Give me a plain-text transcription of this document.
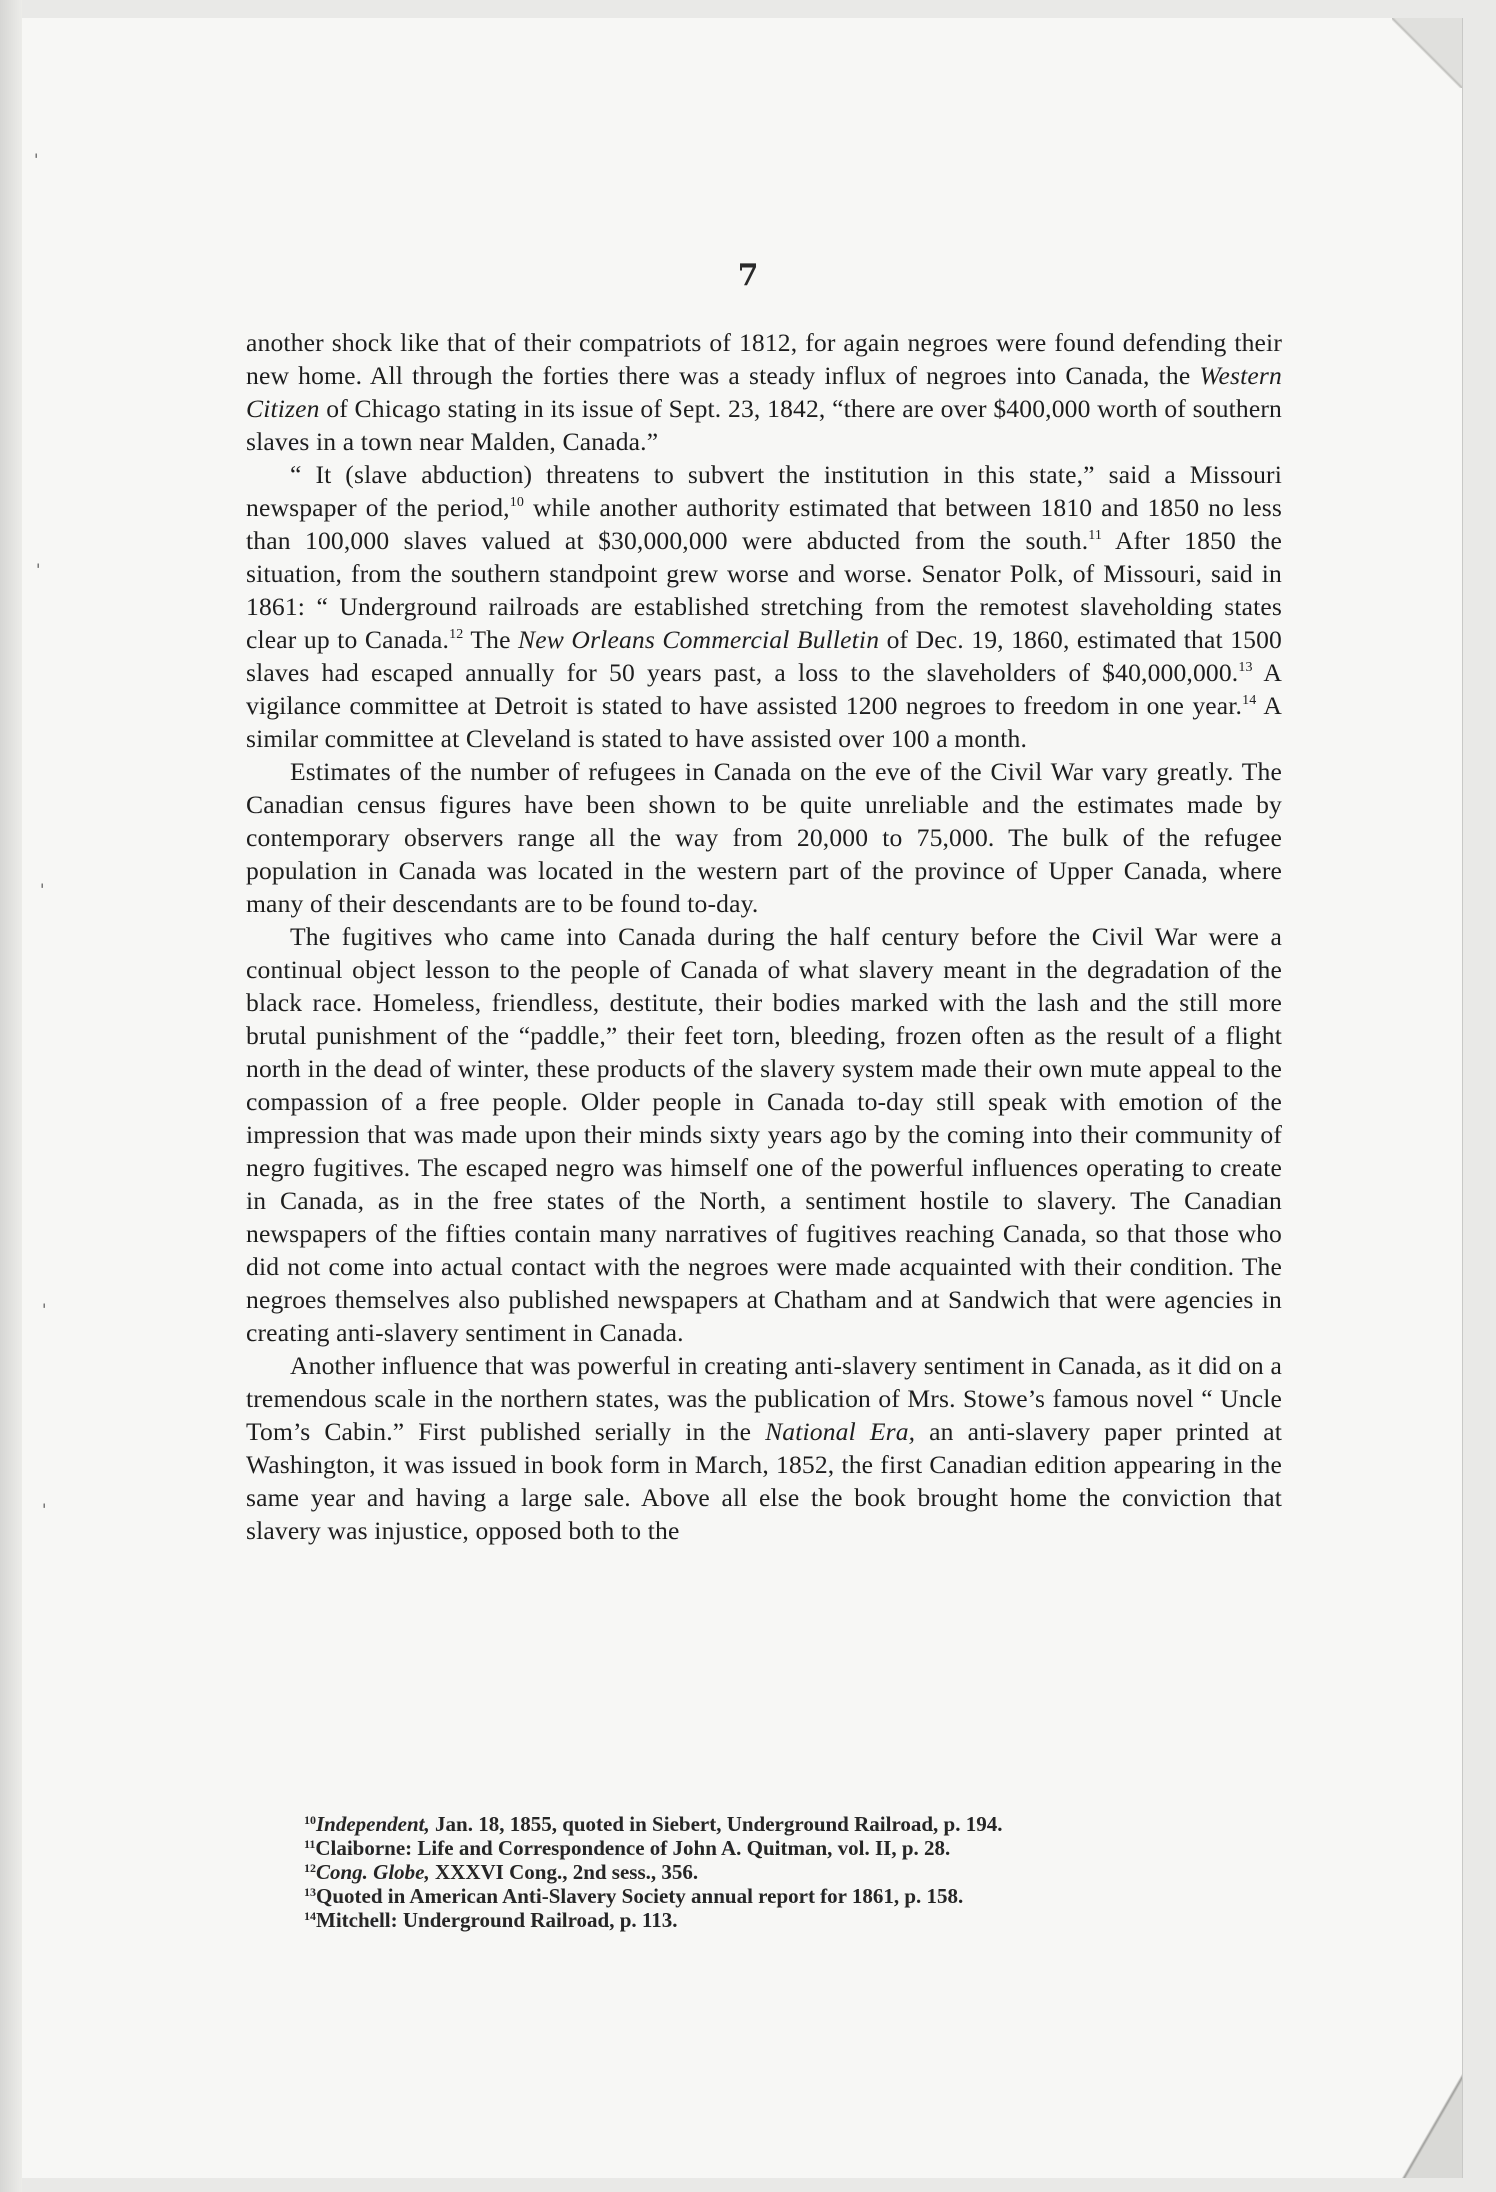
'
'
'
'
'
7

another shock like that of their compatriots of 1812, for again negroes were found defending their new home. All through the forties there was a steady influx of negroes into Canada, the Western Citizen of Chicago stating in its issue of Sept. 23, 1842, “there are over $400,000 worth of southern slaves in a town near Malden, Canada.”

“ It (slave abduction) threatens to subvert the institution in this state,” said a Missouri newspaper of the period,$^{10}$ while another authority estimated that between 1810 and 1850 no less than 100,000 slaves valued at $30,000,000 were abducted from the south.$^{11}$ After 1850 the situation, from the southern standpoint grew worse and worse. Senator Polk, of Missouri, said in 1861: “ Underground railroads are established stretching from the remotest slaveholding states clear up to Canada.$^{12}$ The New Orleans Commercial Bulletin of Dec. 19, 1860, estimated that 1500 slaves had escaped annually for 50 years past, a loss to the slaveholders of $40,000,000.13 A vigilance committee at Detroit is stated to have assisted 1200 negroes to freedom in one year.$^{14}$ A similar committee at Cleveland is stated to have assisted over 100 a month.

Estimates of the number of refugees in Canada on the eve of the Civil War vary greatly. The Canadian census figures have been shown to be quite unreliable and the estimates made by contemporary observers range all the way from 20,000 to 75,000. The bulk of the refugee population in Canada was located in the western part of the province of Upper Canada, where many of their descendants are to be found to-day.

The fugitives who came into Canada during the half century before the Civil War were a continual object lesson to the people of Canada of what slavery meant in the degradation of the black race. Homeless, friendless, destitute, their bodies marked with the lash and the still more brutal punishment of the “paddle,” their feet torn, bleeding, frozen often as the result of a flight north in the dead of winter, these products of the slavery system made their own mute appeal to the compassion of a free people. Older people in Canada to-day still speak with emotion of the impression that was made upon their minds sixty years ago by the coming into their community of negro fugitives. The escaped negro was himself one of the powerful influences operating to create in Canada, as in the free states of the North, a sentiment hostile to slavery. The Canadian newspapers of the fifties contain many narratives of fugitives reaching Canada, so that those who did not come into actual contact with the negroes were made acquainted with their condition. The negroes themselves also published newspapers at Chatham and at Sandwich that were agencies in creating anti-slavery sentiment in Canada.

Another influence that was powerful in creating anti-slavery sentiment in Canada, as it did on a tremendous scale in the northern states, was the publication of Mrs. Stowe’s famous novel “ Uncle Tom’s Cabin.” First published serially in the National Era, an anti-slavery paper printed at Washington, it was issued in book form in March, 1852, the first Canadian edition appearing in the same year and having a large sale. Above all else the book brought home the conviction that slavery was injustice, opposed both to the

$^{10}$Independent, Jan. 18, 1855, quoted in Siebert, Underground Railroad, p. 194.
$^{11}$Claiborne: Life and Correspondence of John A. Quitman, vol. II, p. 28.
$^{12}$Cong. Globe, XXXVI Cong., 2nd sess., 356.
$^{13}$Quoted in American Anti-Slavery Society annual report for 1861, p. 158.
$^{14}$Mitchell: Underground Railroad, p. 113.
